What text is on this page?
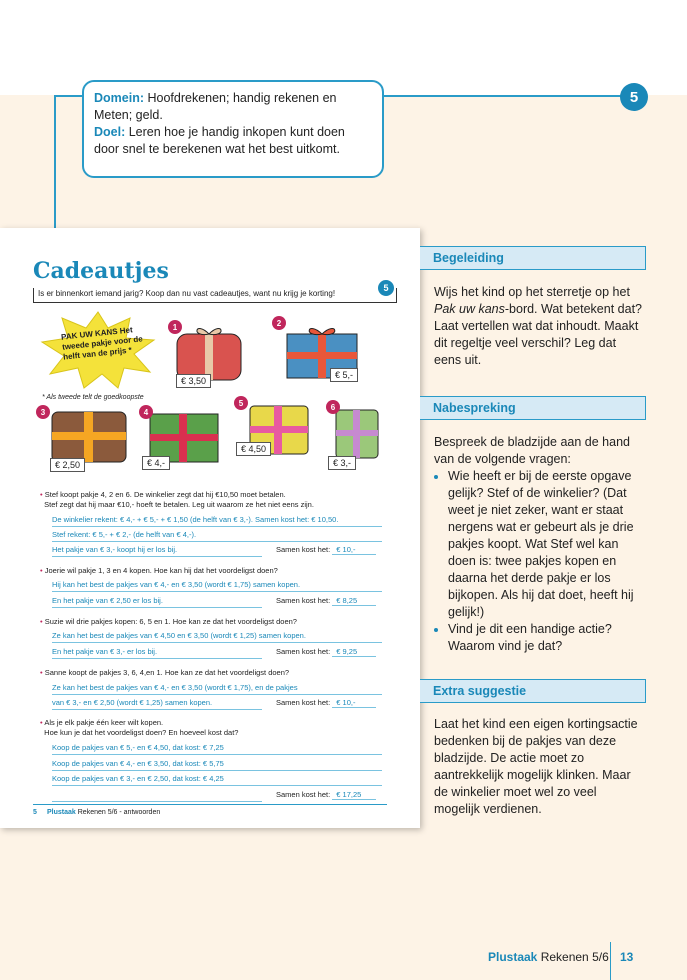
5
Domein: Hoofdrekenen; handig rekenen en Meten; geld.
Doel: Leren hoe je handig inkopen kunt doen door snel te berekenen wat het best uitkomt.
Cadeautjes
5
Is er binnenkort iemand jarig? Koop dan nu vast cadeautjes, want nu krijg je korting!
PAK UW KANS Het tweede pakje voor de helft van de prijs *
* Als tweede telt de goedkoopste
1
€ 3,50
2
€ 5,-
3
€ 2,50
4
€ 4,-
5
€ 4,50
6
€ 3,-
• Stef koopt pakje 4, 2 en 6. De winkelier zegt dat hij €10,50 moet betalen.
Stef zegt dat hij maar €10,- hoeft te betalen. Leg uit waarom ze het niet eens zijn.
De winkelier rekent: € 4,- + € 5,- + € 1,50 (de helft van € 3,-). Samen kost het: € 10,50.
Stef rekent: € 5,- + € 2,- (de helft van € 4,-).
Het pakje van € 3,- koopt hij er los bij.	Samen kost het: € 10,-
• Joerie wil pakje 1, 3 en 4 kopen. Hoe kan hij dat het voordeligst doen?
Hij kan het best de pakjes van € 4,- en € 3,50 (wordt € 1,75) samen kopen.
En het pakje van € 2,50 er los bij.	Samen kost het: € 8,25
• Suzie wil drie pakjes kopen: 6, 5 en 1. Hoe kan ze dat het voordeligst doen?
Ze kan het best de pakjes van € 4,50 en € 3,50 (wordt € 1,25) samen kopen.
En het pakje van € 3,- er los bij.	Samen kost het: € 9,25
• Sanne koopt de pakjes 3, 6, 4,en 1. Hoe kan ze dat het voordeligst doen?
Ze kan het best de pakjes van € 4,- en € 3,50 (wordt € 1,75), en de pakjes
van € 3,- en € 2,50 (wordt € 1,25) samen kopen.	Samen kost het: € 10,-
• Als je elk pakje één keer wilt kopen.
Hoe kun je dat het voordeligst doen? En hoeveel kost dat?
Koop de pakjes van € 5,- en € 4,50, dat kost: € 7,25
Koop de pakjes van € 4,- en € 3,50, dat kost: € 5,75
Koop de pakjes van € 3,- en € 2,50, dat kost: € 4,25
Samen kost het: € 17,25
5 Plustaak Rekenen 5/6 - antwoorden
Begeleiding
Wijs het kind op het sterretje op het Pak uw kans-bord. Wat betekent dat? Laat vertellen wat dat inhoudt. Maakt dit regeltje veel verschil? Leg dat eens uit.
Nabespreking
Bespreek de bladzijde aan de hand van de volgende vragen:
• Wie heeft er bij de eerste opgave gelijk? Stef of de winkelier? (Dat weet je niet zeker, want er staat nergens wat er gebeurt als je drie pakjes koopt. Wat Stef wel kan doen is: twee pakjes kopen en daarna het derde pakje er los bijkopen. Als hij dat doet, heeft hij gelijk!)
• Vind je dit een handige actie? Waarom vind je dat?
Extra suggestie
Laat het kind een eigen kortingsactie bedenken bij de pakjes van deze bladzijde. De actie moet zo aantrekkelijk mogelijk klinken. Maar de winkelier moet wel zo veel mogelijk verdienen.
Plustaak Rekenen 5/6 13
